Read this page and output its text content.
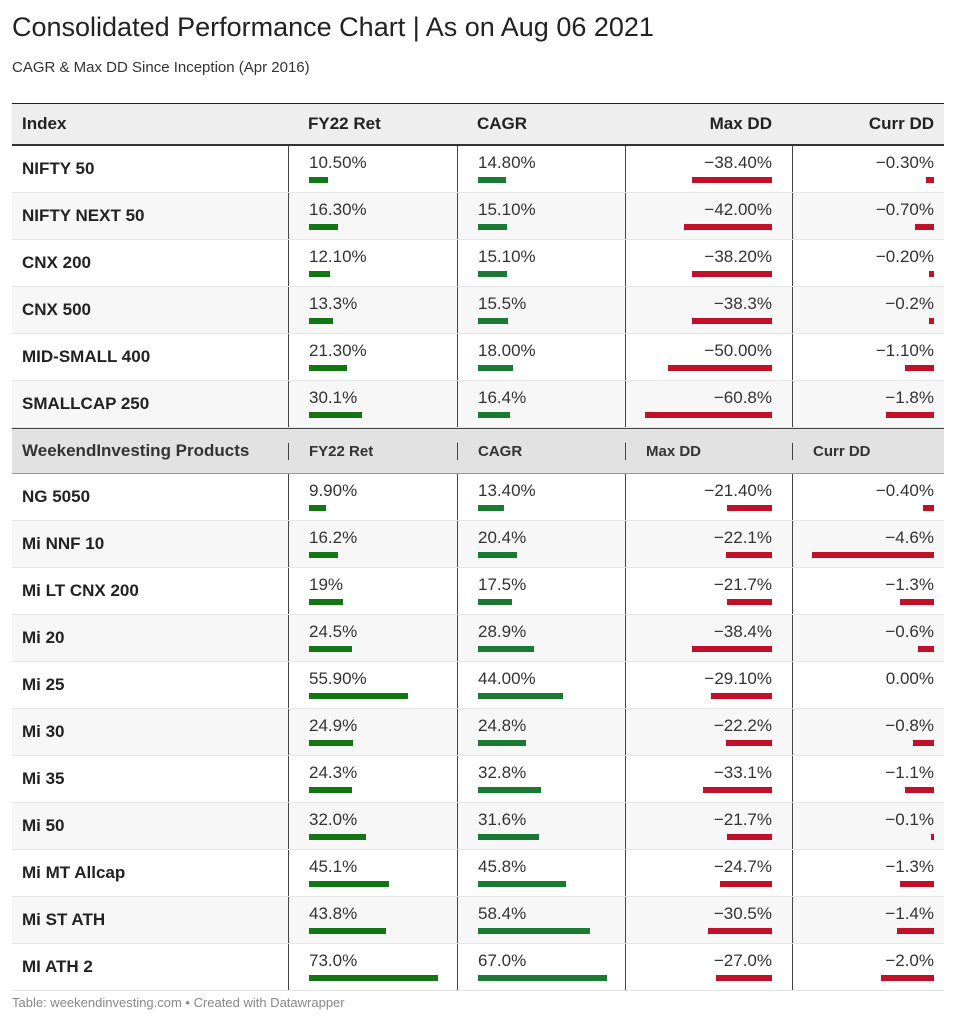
Consolidated Performance Chart | As on Aug 06 2021
CAGR & Max DD Since Inception (Apr 2016)
Index	FY22 Ret	CAGR	Max DD	Curr DD
NIFTY 50	10.50%	14.80%	−38.40%	−0.30%
NIFTY NEXT 50	16.30%	15.10%	−42.00%	−0.70%
CNX 200	12.10%	15.10%	−38.20%	−0.20%
CNX 500	13.3%	15.5%	−38.3%	−0.2%
MID-SMALL 400	21.30%	18.00%	−50.00%	−1.10%
SMALLCAP 250	30.1%	16.4%	−60.8%	−1.8%
WeekendInvesting Products	FY22 Ret	CAGR	Max DD	Curr DD
NG 5050	9.90%	13.40%	−21.40%	−0.40%
Mi NNF 10	16.2%	20.4%	−22.1%	−4.6%
Mi LT CNX 200	19%	17.5%	−21.7%	−1.3%
Mi 20	24.5%	28.9%	−38.4%	−0.6%
Mi 25	55.90%	44.00%	−29.10%	0.00%
Mi 30	24.9%	24.8%	−22.2%	−0.8%
Mi 35	24.3%	32.8%	−33.1%	−1.1%
Mi 50	32.0%	31.6%	−21.7%	−0.1%
Mi MT Allcap	45.1%	45.8%	−24.7%	−1.3%
Mi ST ATH	43.8%	58.4%	−30.5%	−1.4%
MI ATH 2	73.0%	67.0%	−27.0%	−2.0%
Table: weekendinvesting.com • Created with Datawrapper
